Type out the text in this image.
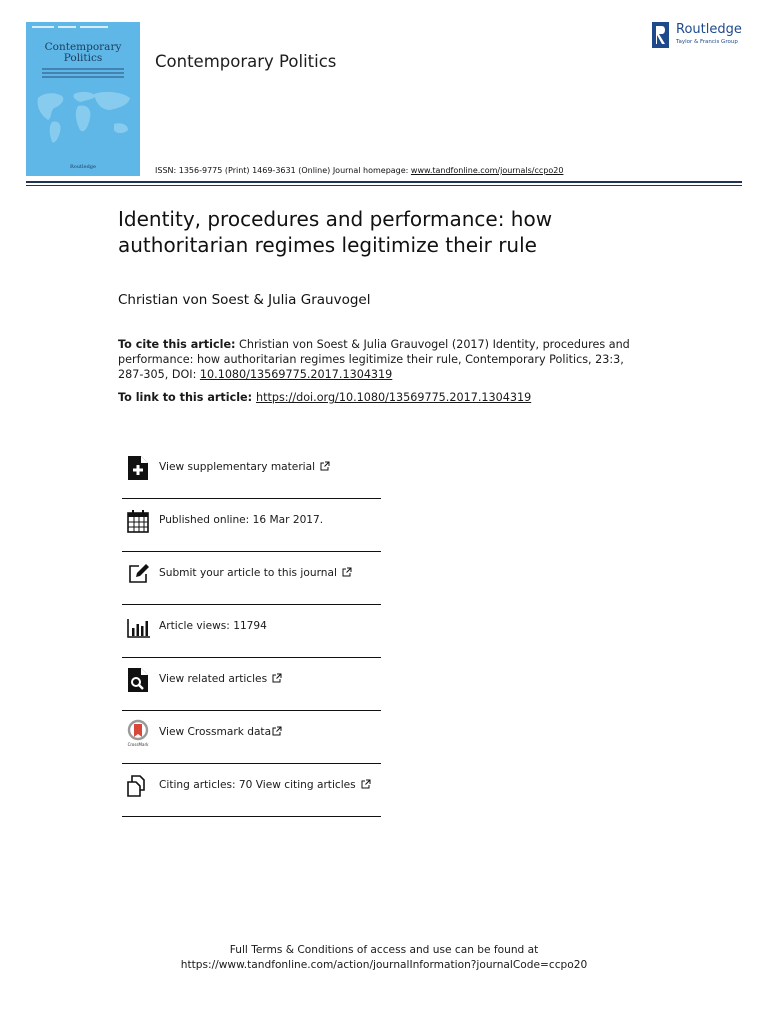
Contemporary Politics
Routledge
Contemporary Politics
Routledge
Taylor & Francis Group
ISSN: 1356-9775 (Print) 1469-3631 (Online) Journal homepage: www.tandfonline.com/journals/ccpo20
Identity, procedures and performance: how authoritarian regimes legitimize their rule
Christian von Soest & Julia Grauvogel
To cite this article: Christian von Soest & Julia Grauvogel (2017) Identity, procedures and performance: how authoritarian regimes legitimize their rule, Contemporary Politics, 23:3, 287-305, DOI: 10.1080/13569775.2017.1304319
To link to this article: https://doi.org/10.1080/13569775.2017.1304319
View supplementary material
Published online: 16 Mar 2017.
Submit your article to this journal
Article views: 11794
View related articles
CrossMark
View Crossmark data
Citing articles: 70 View citing articles
Full Terms & Conditions of access and use can be found at
https://www.tandfonline.com/action/journalInformation?journalCode=ccpo20
